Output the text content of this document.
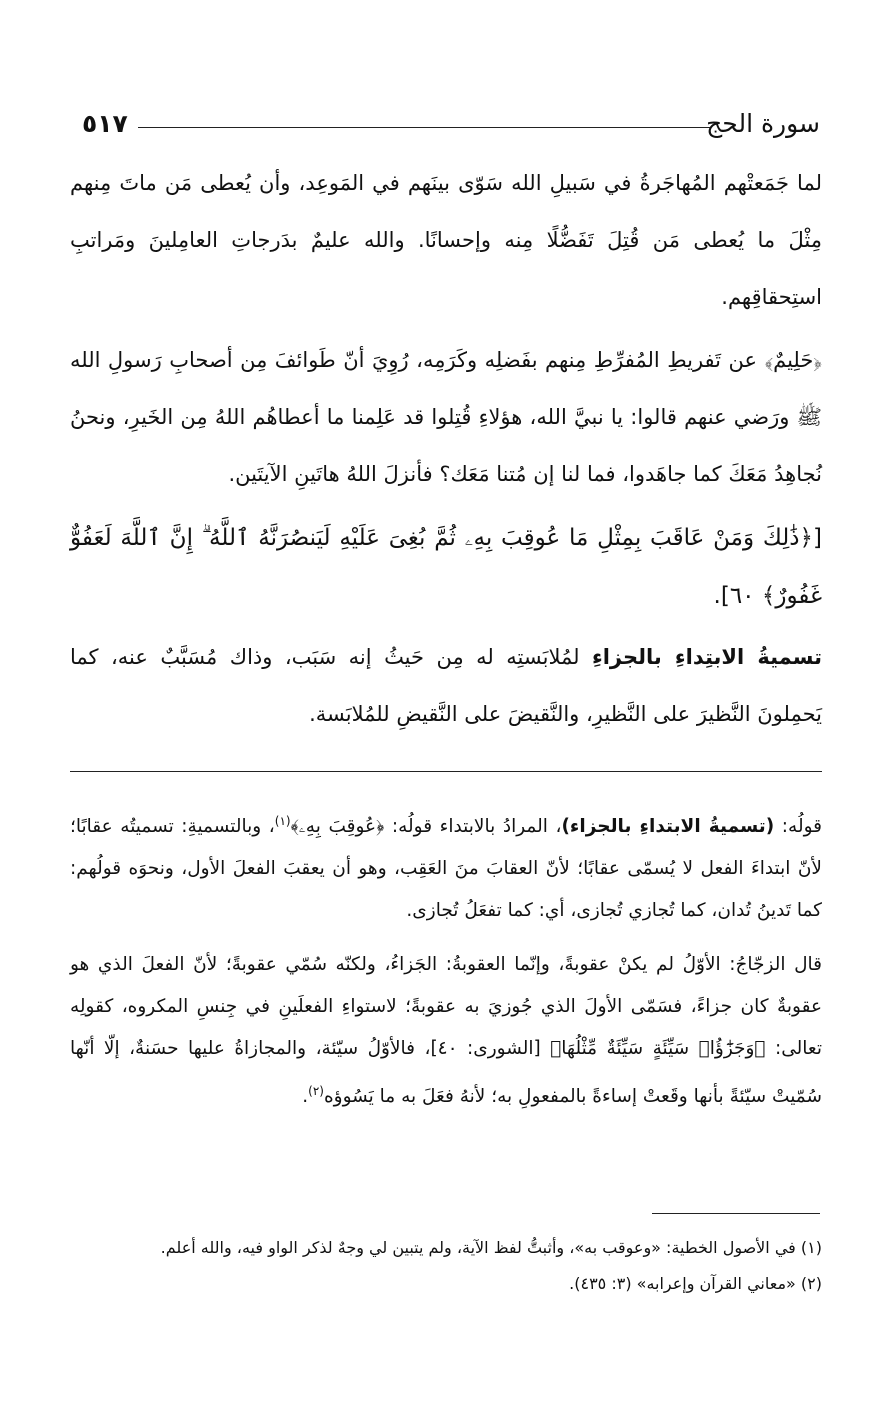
سورة الحج
٥١٧

لما جَمَعتْهم المُهاجَرةُ في سَبيلِ الله سَوّى بينَهم في المَوعِد، وأن يُعطى مَن ماتَ مِنهم مِثْلَ ما يُعطى مَن قُتِلَ تَفَضُّلًا مِنه وإحسانًا. والله عليمٌ بدَرجاتِ العامِلينَ ومَراتبِ استِحقاقِهم.

﴿حَلِيمٌ﴾ عن تَفريطِ المُفرِّطِ مِنهم بفَضلِه وكَرَمِه، رُوِيَ أنّ طَوائفَ مِن أصحابِ رَسولِ الله ﷺ ورَضي عنهم قالوا: يا نبيَّ الله، هؤلاءِ قُتِلوا قد عَلِمنا ما أعطاهُم اللهُ مِن الخَيرِ، ونحنُ نُجاهِدُ مَعَكَ كما جاهَدوا، فما لنا إن مُتنا مَعَك؟ فأنزلَ اللهُ هاتَينِ الآيتَين.

[﴿ذَٰلِكَ وَمَنْ عَاقَبَ بِمِثْلِ مَا عُوقِبَ بِهِۦ ثُمَّ بُغِىَ عَلَيْهِ لَيَنصُرَنَّهُ ٱللَّهُ ۗ إِنَّ ٱللَّهَ لَعَفُوٌّ غَفُورٌ﴾ ٦٠].

تسميةُ الابتِداءِ بالجزاءِ لمُلابَستِه له مِن حَيثُ إنه سَبَب، وذاك مُسَبَّبٌ عنه، كما يَحمِلونَ النَّظيرَ على النَّظيرِ، والنَّقيضَ على النَّقيضِ للمُلابَسة.

قولُه: (تسميةُ الابتداءِ بالجزاء)، المرادُ بالابتداء قولُه: ﴿عُوقِبَ بِهِۦ﴾$^{(١)}$، وبالتسميةِ: تسميتُه عقابًا؛ لأنّ ابتداءَ الفعل لا يُسمّى عقابًا؛ لأنّ العقابَ منَ العَقِب، وهو أن يعقبَ الفعلَ الأول، ونحوَه قولُهم: كما تَدينُ تُدان، كما تُجازي تُجازى، أي: كما تفعَلُ تُجازى.

قال الزجّاجُ: الأوّلُ لم يكنْ عقوبةً، وإنّما العقوبةُ: الجَزاءُ، ولكنّه سُمّي عقوبةً؛ لأنّ الفعلَ الذي هو عقوبةٌ كان جزاءً، فسَمّى الأولَ الذي جُوزيَ به عقوبةً؛ لاستواءِ الفعلَينِ في جِنسِ المكروه، كقولِه تعالى: ﴿وَجَزَٰٓؤُا۟ سَيِّئَةٍ سَيِّئَةٌ مِّثْلُهَا﴾ [الشورى: ٤٠]، فالأوّلُ سيّئة، والمجازاةُ عليها حسَنةٌ، إلّا أنّها سُمّيتْ سيّئةً بأنها وقَعتْ إساءةً بالمفعولِ به؛ لأنهُ فعَلَ به ما يَسُوؤه$^{(٢)}$.

(١) في الأصول الخطية: «وعوقب به»، وأثبتُّ لفظ الآية، ولم يتبين لي وجهٌ لذكر الواو فيه، والله أعلم.

(٢) «معاني القرآن وإعرابه» (٣: ٤٣٥).
